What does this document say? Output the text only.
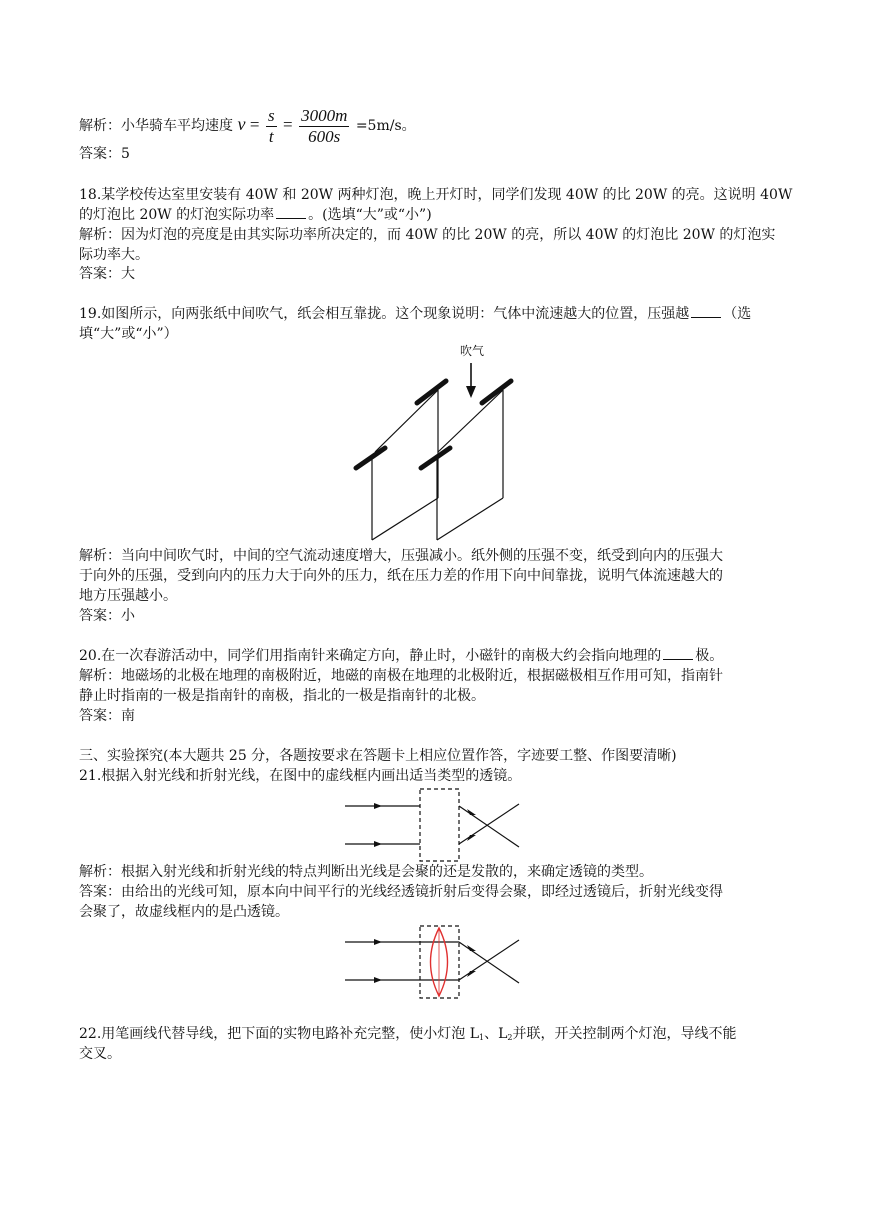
解析：小华骑车平均速度 $v = \frac{s}{t} = \frac{3000m}{600s} =5m/s$。
答案：5
18.某学校传达室里安装有 40W 和 20W 两种灯泡，晚上开灯时，同学们发现 40W 的比 20W 的亮。这说明 40W
的灯泡比 20W 的灯泡实际功率 。(选填“大”或“小”)
解析：因为灯泡的亮度是由其实际功率所决定的，而 40W 的比 20W 的亮，所以 40W 的灯泡比 20W 的灯泡实
际功率大。
答案：大
19.如图所示，向两张纸中间吹气，纸会相互靠拢。这个现象说明：气体中流速越大的位置，压强越 （选
填“大”或“小”）
吹气
解析：当向中间吹气时，中间的空气流动速度增大，压强减小。纸外侧的压强不变，纸受到向内的压强大
于向外的压强，受到向内的压力大于向外的压力，纸在压力差的作用下向中间靠拢，说明气体流速越大的
地方压强越小。
答案：小
20.在一次春游活动中，同学们用指南针来确定方向，静止时，小磁针的南极大约会指向地理的 极。
解析：地磁场的北极在地理的南极附近，地磁的南极在地理的北极附近，根据磁极相互作用可知，指南针
静止时指南的一极是指南针的南极，指北的一极是指南针的北极。
答案：南
三、实验探究(本大题共 25 分，各题按要求在答题卡上相应位置作答，字迹要工整、作图要清晰)
21.根据入射光线和折射光线，在图中的虚线框内画出适当类型的透镜。
解析：根据入射光线和折射光线的特点判断出光线是会聚的还是发散的，来确定透镜的类型。
答案：由给出的光线可知，原本向中间平行的光线经透镜折射后变得会聚，即经过透镜后，折射光线变得
会聚了，故虚线框内的是凸透镜。
22.用笔画线代替导线，把下面的实物电路补充完整，使小灯泡 $L_1$、$L_2$并联，开关控制两个灯泡，导线不能
交叉。
